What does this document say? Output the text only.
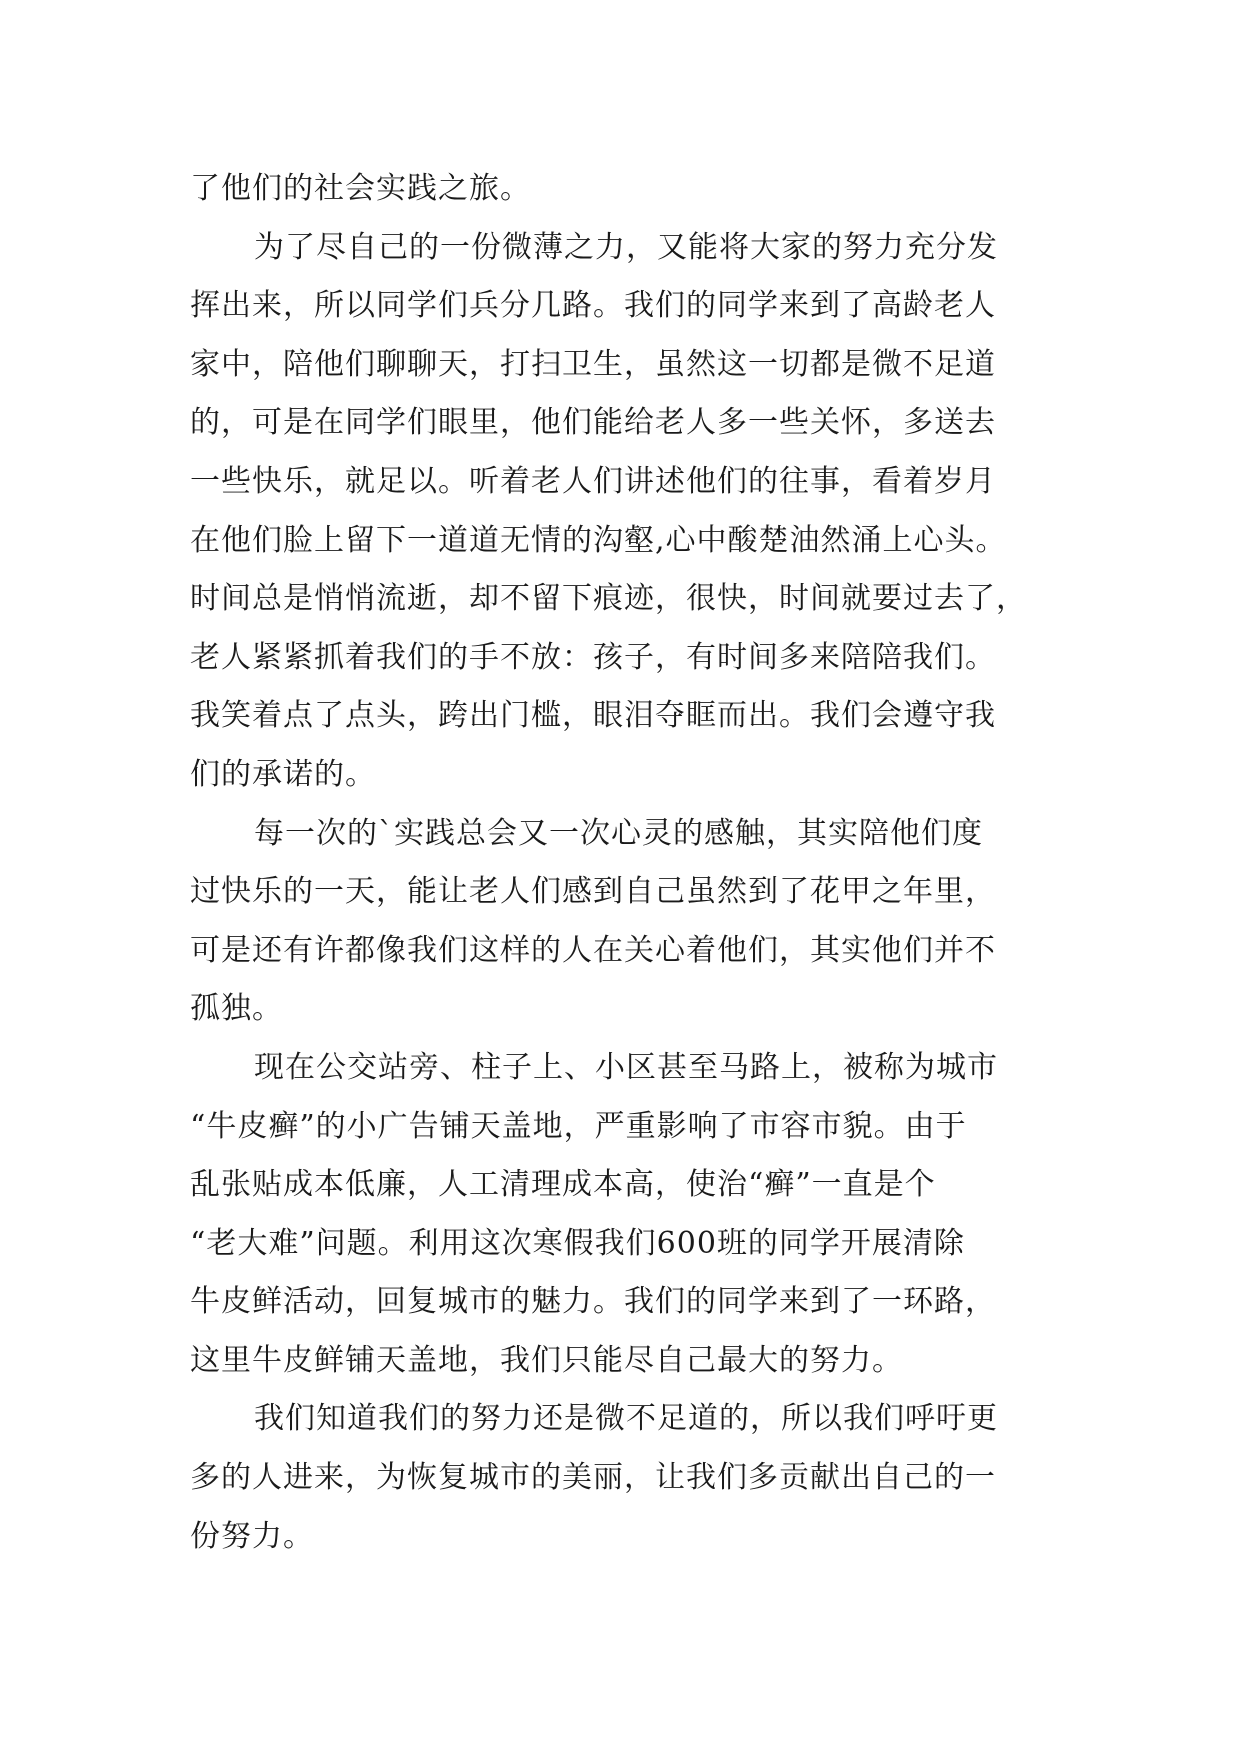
了他们的社会实践之旅。
为了尽自己的一份微薄之力，又能将大家的努力充分发
挥出来，所以同学们兵分几路。我们的同学来到了高龄老人
家中，陪他们聊聊天，打扫卫生，虽然这一切都是微不足道
的，可是在同学们眼里，他们能给老人多一些关怀，多送去
一些快乐，就足以。听着老人们讲述他们的往事，看着岁月
在他们脸上留下一道道无情的沟壑,心中酸楚油然涌上心头。
时间总是悄悄流逝，却不留下痕迹，很快，时间就要过去了，
老人紧紧抓着我们的手不放：孩子，有时间多来陪陪我们。
我笑着点了点头，跨出门槛，眼泪夺眶而出。我们会遵守我
们的承诺的。
每一次的`实践总会又一次心灵的感触，其实陪他们度
过快乐的一天，能让老人们感到自己虽然到了花甲之年里，
可是还有许都像我们这样的人在关心着他们，其实他们并不
孤独。
现在公交站旁、柱子上、小区甚至马路上，被称为城市
“牛皮癣”的小广告铺天盖地，严重影响了市容市貌。由于
乱张贴成本低廉，人工清理成本高，使治“癣”一直是个
“老大难”问题。利用这次寒假我们600班的同学开展清除
牛皮鲜活动，回复城市的魅力。我们的同学来到了一环路，
这里牛皮鲜铺天盖地，我们只能尽自己最大的努力。
我们知道我们的努力还是微不足道的，所以我们呼吁更
多的人进来，为恢复城市的美丽，让我们多贡献出自己的一
份努力。
